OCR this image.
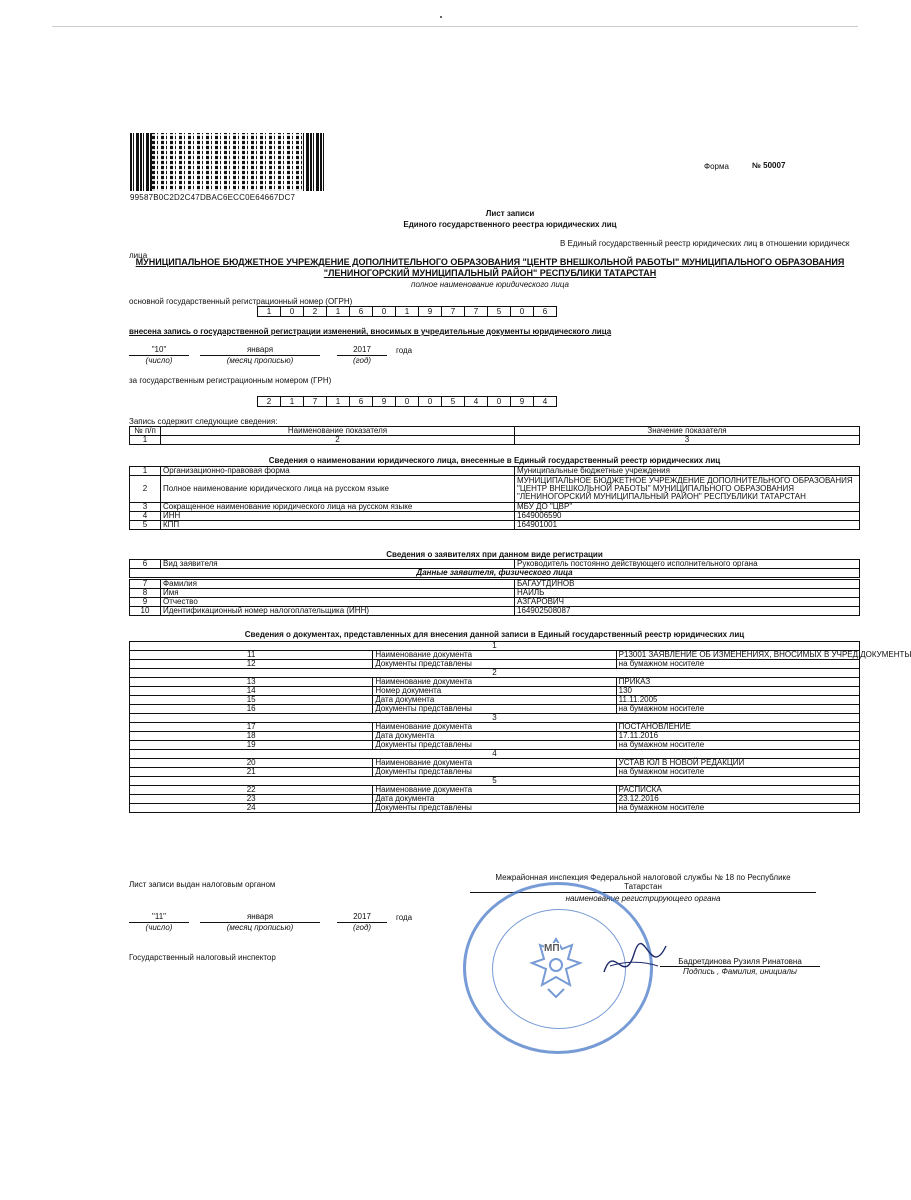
99587B0C2D2C47DBAC6ECC0E64667DC7
Форма	№ 50007
Лист записи
Единого государственного реестра юридических лиц
В Единый государственный реестр юридических лиц в отношении юридическ
лица
МУНИЦИПАЛЬНОЕ БЮДЖЕТНОЕ УЧРЕЖДЕНИЕ ДОПОЛНИТЕЛЬНОГО ОБРАЗОВАНИЯ "ЦЕНТР ВНЕШКОЛЬНОЙ РАБОТЫ" МУНИЦИПАЛЬНОГО ОБРАЗОВАНИЯ
"ЛЕНИНОГОРСКИЙ МУНИЦИПАЛЬНЫЙ РАЙОН" РЕСПУБЛИКИ ТАТАРСТАН
полное наименование юридического лица
основной государственный регистрационный номер (ОГРН)
1	0	2	1	6	0	1	9	7	7	5	0	6
внесена запись о государственной регистрации изменений, вносимых в учредительные документы юридического лица
"10"	января	2017	года
(число)	(месяц прописью)	(год)
за государственным регистрационным номером (ГРН)
2	1	7	1	6	9	0	0	5	4	0	9	4
Запись содержит следующие сведения:
№ п/п	Наименование показателя	Значение показателя
1	2	3
Сведения о наименовании юридического лица, внесенные в Единый государственный реестр юридических лиц
1	Организационно-правовая форма	Муниципальные бюджетные учреждения
2	Полное наименование юридического лица на русском языке	МУНИЦИПАЛЬНОЕ БЮДЖЕТНОЕ УЧРЕЖДЕНИЕ ДОПОЛНИТЕЛЬНОГО ОБРАЗОВАНИЯ
"ЦЕНТР ВНЕШКОЛЬНОЙ РАБОТЫ" МУНИЦИПАЛЬНОГО ОБРАЗОВАНИЯ
"ЛЕНИНОГОРСКИЙ МУНИЦИПАЛЬНЫЙ РАЙОН" РЕСПУБЛИКИ ТАТАРСТАН

3	Сокращенное наименование юридического лица на русском языке	МБУ ДО "ЦВР"
4	ИНН	1649006590
5	КПП	164901001
Сведения о заявителях при данном виде регистрации
6	Вид заявителя	Руководитель постоянно действующего исполнительного органа
Данные заявителя, физического лица
7	Фамилия	БАГАУТДИНОВ
8	Имя	НАИЛЬ
9	Отчество	АЗГАРОВИЧ
10	Идентификационный номер налогоплательщика (ИНН)	164902508087
Сведения о документах, представленных для внесения данной записи в Единый государственный реестр юридических лиц
1		
11	Наименование документа	Р13001 ЗАЯВЛЕНИЕ ОБ ИЗМЕНЕНИЯХ, ВНОСИМЫХ В УЧРЕД.ДОКУМЕНТЫ
12	Документы представлены	на бумажном носителе
2		
13	Наименование документа	ПРИКАЗ
14	Номер документа	130
15	Дата документа	11.11.2005
16	Документы представлены	на бумажном носителе
3		
17	Наименование документа	ПОСТАНОВЛЕНИЕ
18	Дата документа	17.11.2016
19	Документы представлены	на бумажном носителе
4		
20	Наименование документа	УСТАВ ЮЛ В НОВОЙ РЕДАКЦИИ
21	Документы представлены	на бумажном носителе
5		
22	Наименование документа	РАСПИСКА
23	Дата документа	23.12.2016
24	Документы представлены	на бумажном носителе
Лист записи выдан налоговым органом
Межрайонная инспекция Федеральной налоговой службы № 18 по Республике
Татарстан
наименование регистрирующего органа
"11"	января	2017	года
(число)	(месяц прописью)	(год)
Государственный налоговый инспектор	Бадретдинова Рузиля Ринатовна
Подпись , Фамилия, инициалы
МП
